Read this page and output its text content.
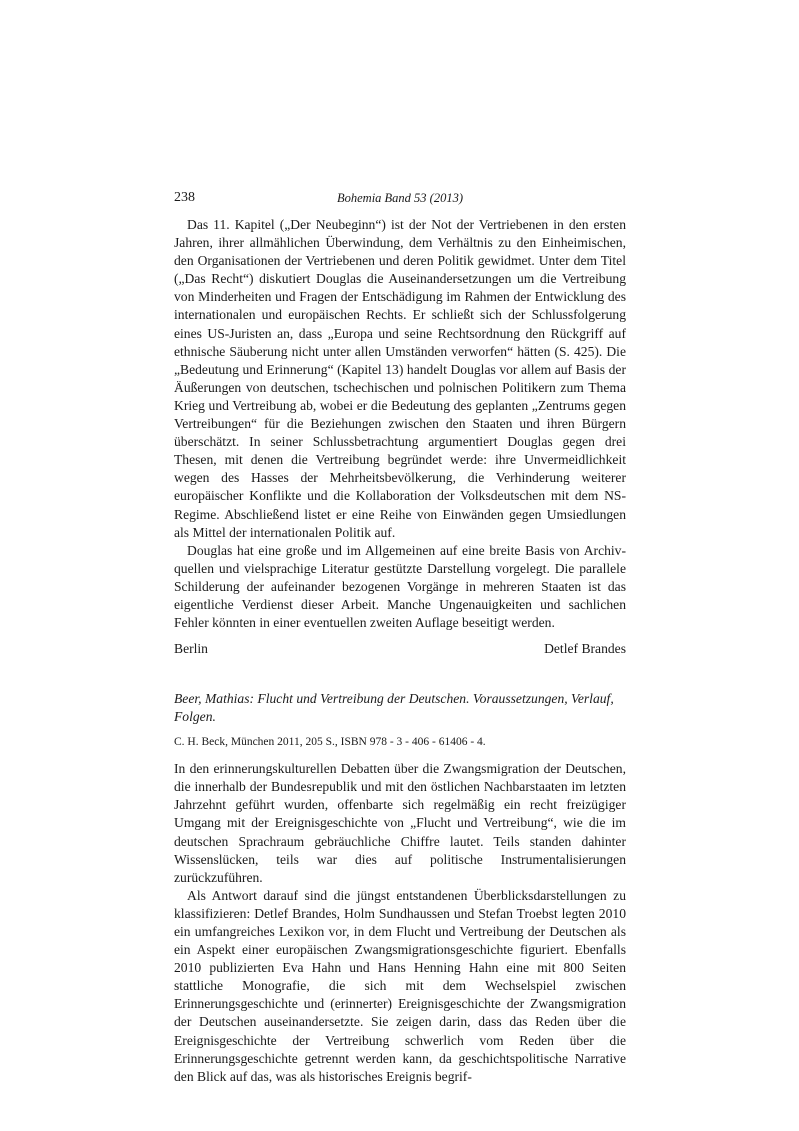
238	Bohemia Band 53 (2013)

Das 11. Kapitel („Der Neubeginn“) ist der Not der Vertriebenen in den ersten Jahren, ihrer allmählichen Überwindung, dem Verhältnis zu den Einheimischen, den Organisationen der Vertriebenen und deren Politik gewidmet. Unter dem Titel („Das Recht“) diskutiert Douglas die Auseinandersetzungen um die Vertreibung von Minderheiten und Fragen der Entschädigung im Rahmen der Entwicklung des internationalen und europäischen Rechts. Er schließt sich der Schlussfolgerung eines US-Juristen an, dass „Europa und seine Rechtsordnung den Rückgriff auf ethnische Säuberung nicht unter allen Umständen verworfen“ hätten (S. 425). Die „Bedeutung und Erinnerung“ (Kapitel 13) handelt Douglas vor allem auf Basis der Äußerungen von deutschen, tschechischen und polnischen Politikern zum Thema Krieg und Vertreibung ab, wobei er die Bedeutung des geplanten „Zentrums gegen Vertreibungen“ für die Beziehungen zwischen den Staaten und ihren Bürgern überschätzt. In seiner Schlussbetrachtung argumentiert Douglas gegen drei Thesen, mit denen die Vertreibung begründet werde: ihre Unvermeidlichkeit wegen des Hasses der Mehrheitsbevölkerung, die Verhinderung weiterer europäischer Konflikte und die Kollaboration der Volksdeutschen mit dem NS-Regime. Abschließend listet er eine Reihe von Einwänden gegen Umsiedlungen als Mittel der internationalen Politik auf.

Douglas hat eine große und im Allgemeinen auf eine breite Basis von Archivquellen und vielsprachige Literatur gestützte Darstellung vorgelegt. Die parallele Schilderung der aufeinander bezogenen Vorgänge in mehreren Staaten ist das eigentliche Verdienst dieser Arbeit. Manche Ungenauigkeiten und sachlichen Fehler könnten in einer eventuellen zweiten Auflage beseitigt werden.

Berlin	Detlef Brandes
Beer, Mathias: Flucht und Vertreibung der Deutschen. Voraussetzungen, Verlauf, Folgen.
C. H. Beck, München 2011, 205 S., ISBN 978 - 3 - 406 - 61406 - 4.

In den erinnerungskulturellen Debatten über die Zwangsmigration der Deutschen, die innerhalb der Bundesrepublik und mit den östlichen Nachbarstaaten im letzten Jahrzehnt geführt wurden, offenbarte sich regelmäßig ein recht freizügiger Umgang mit der Ereignisgeschichte von „Flucht und Vertreibung“, wie die im deutschen Sprachraum gebräuchliche Chiffre lautet. Teils standen dahinter Wissenslücken, teils war dies auf politische Instrumentalisierungen zurückzuführen.

Als Antwort darauf sind die jüngst entstandenen Überblicksdarstellungen zu klassifizieren: Detlef Brandes, Holm Sundhaussen und Stefan Troebst legten 2010 ein umfangreiches Lexikon vor, in dem Flucht und Vertreibung der Deutschen als ein Aspekt einer europäischen Zwangsmigrationsgeschichte figuriert. Ebenfalls 2010 publizierten Eva Hahn und Hans Henning Hahn eine mit 800 Seiten stattliche Monografie, die sich mit dem Wechselspiel zwischen Erinnerungsgeschichte und (erinnerter) Ereignisgeschichte der Zwangsmigration der Deutschen auseinandersetzte. Sie zeigen darin, dass das Reden über die Ereignisgeschichte der Vertreibung schwerlich vom Reden über die Erinnerungsgeschichte getrennt werden kann, da geschichtspolitische Narrative den Blick auf das, was als historisches Ereignis begrif-
